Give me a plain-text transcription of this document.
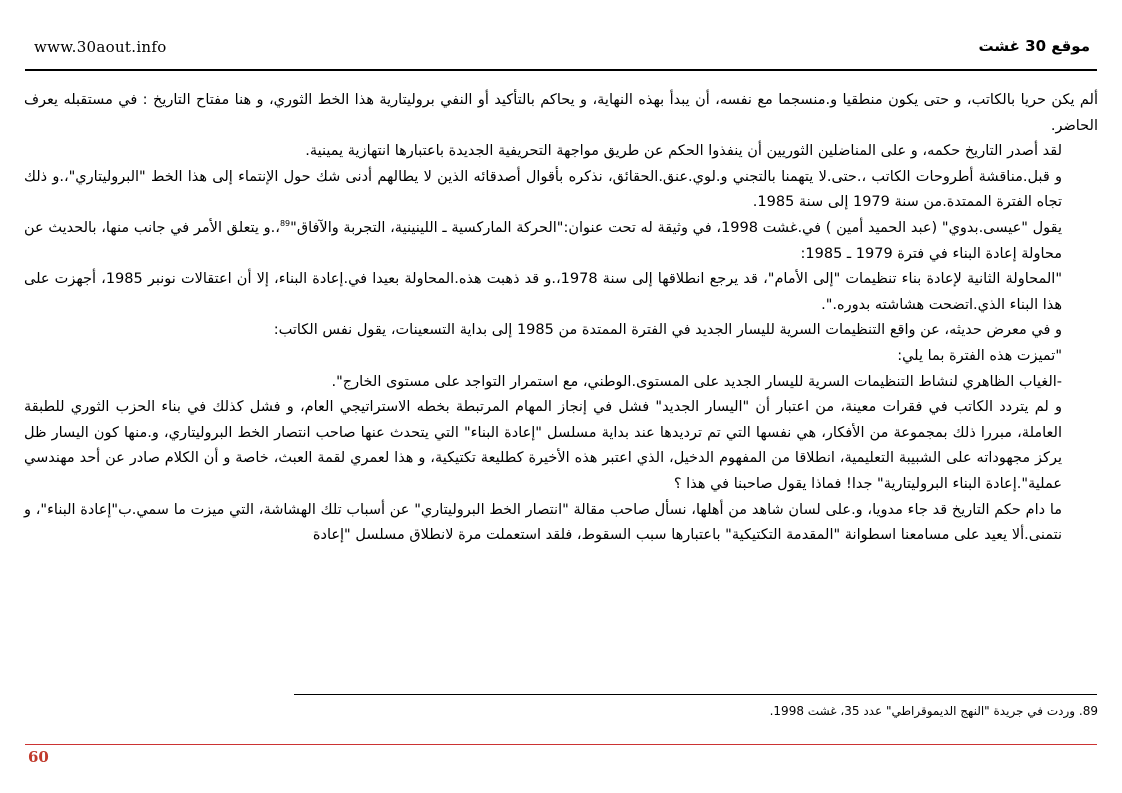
www.30aout.info	موقع 30 غشت

ألم يكن حريا بالكاتب، و حتى يكون منطقيا و.منسجما مع نفسه، أن يبدأ بهذه النهاية، و يحاكم بالتأكيد أو النفي بروليتارية هذا الخط الثوري، و هنا مفتاح التاريخ : في مستقبله يعرف الحاضر.

لقد أصدر التاريخ حكمه، و على المناضلين الثوريين أن ينفذوا الحكم عن طريق مواجهة التحريفية الجديدة باعتبارها انتهازية يمينية.

و قبل.مناقشة أطروحات الكاتب ،.حتى.لا يتهمنا بالتجني و.لوي.عنق.الحقائق، نذكره بأقوال أصدقائه الذين لا يطالهم أدنى شك حول الإنتماء إلى هذا الخط "البروليتاري"،.و ذلك تجاه الفترة الممتدة.من سنة 1979 إلى سنة 1985.

يقول "عيسى.بدوي" (عبد الحميد أمين ) في.غشت 1998، في وثيقة له تحت عنوان:"الحركة الماركسية ـ اللينينية، التجربة والآفاق"$^{89}$،.و يتعلق الأمر في جانب منها، بالحديث عن محاولة إعادة البناء في فترة 1979 ـ 1985:

"المحاولة الثانية لإعادة بناء تنظيمات "إلى الأمام"، قد يرجع انطلاقها إلى سنة 1978،.و قد ذهبت هذه.المحاولة بعيدا في.إعادة البناء، إلا أن اعتقالات نونبر 1985، أجهزت على هذا البناء الذي.اتضحت هشاشته بدوره.".

و في معرض حديثه، عن واقع التنظيمات السرية لليسار الجديد في الفترة الممتدة من 1985 إلى بداية التسعينات، يقول نفس الكاتب:

"تميزت هذه الفترة بما يلي:

-الغياب الظاهري لنشاط التنظيمات السرية لليسار الجديد على المستوى.الوطني، مع استمرار التواجد على مستوى الخارج".

و لم يتردد الكاتب في فقرات معينة، من اعتبار أن "اليسار الجديد" فشل في إنجاز المهام المرتبطة بخطه الاستراتيجي العام، و فشل كذلك في بناء الحزب الثوري للطبقة العاملة، مبررا ذلك بمجموعة من الأفكار، هي نفسها التي تم ترديدها عند بداية مسلسل "إعادة البناء" التي يتحدث عنها صاحب انتصار الخط البروليتاري، و.منها كون اليسار ظل يركز مجهوداته على الشبيبة التعليمية، انطلاقا من المفهوم الدخيل، الذي اعتبر هذه الأخيرة كطليعة تكتيكية، و هذا لعمري لقمة العبث، خاصة و أن الكلام صادر عن أحد مهندسي عملية".إعادة البناء البروليتارية" جدا! فماذا يقول صاحبنا في هذا ؟

ما دام حكم التاريخ قد جاء مدويا، و.على لسان شاهد من أهلها، نسأل صاحب مقالة "انتصار الخط البروليتاري" عن أسباب تلك الهشاشة، التي ميزت ما سمي.ب"إعادة البناء"، و نتمنى.ألا يعيد على مسامعنا اسطوانة "المقدمة التكتيكية" باعتبارها سبب السقوط، فلقد استعملت مرة لانطلاق مسلسل "إعادة

89. وردت في جريدة "النهج الديموقراطي" عدد 35، غشت 1998.
60
